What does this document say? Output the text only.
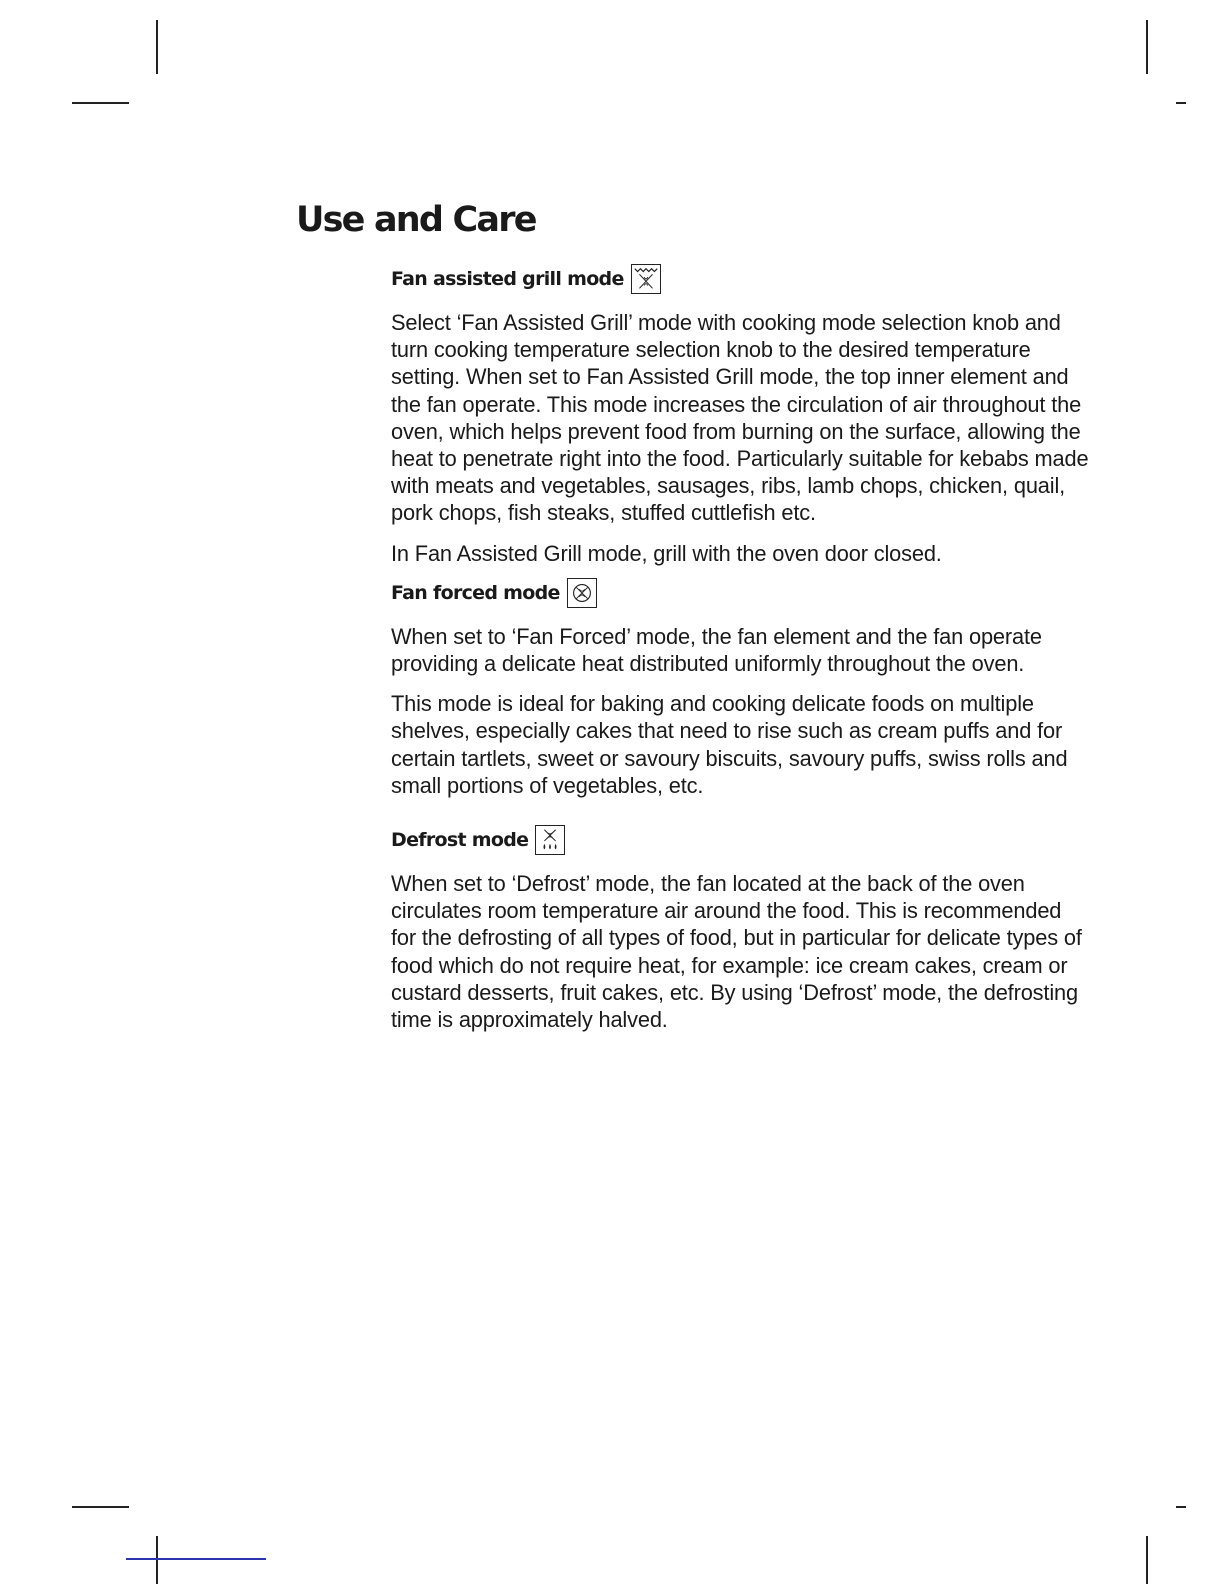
Use and Care
Fan assisted grill mode

Select ‘Fan Assisted Grill’ mode with cooking mode selection knob and turn cooking temperature selection knob to the desired temperature setting. When set to Fan Assisted Grill mode, the top inner element and the fan operate. This mode increases the circulation of air throughout the oven, which helps prevent food from burning on the surface, allowing the heat to penetrate right into the food. Particularly suitable for kebabs made with meats and vegetables, sausages, ribs, lamb chops, chicken, quail, pork chops, fish steaks, stuffed cuttlefish etc.

In Fan Assisted Grill mode, grill with the oven door closed.

Fan forced mode

When set to ‘Fan Forced’ mode, the fan element and the fan operate providing a delicate heat distributed uniformly throughout the oven.

This mode is ideal for baking and cooking delicate foods on multiple shelves, especially cakes that need to rise such as cream puffs and for certain tartlets, sweet or savoury biscuits, savoury puffs, swiss rolls and small portions of vegetables, etc.

Defrost mode

When set to ‘Defrost’ mode, the fan located at the back of the oven circulates room temperature air around the food. This is recommended for the defrosting of all types of food, but in particular for delicate types of food which do not require heat, for example: ice cream cakes, cream or custard desserts, fruit cakes, etc. By using ‘Defrost’ mode, the defrosting time is approximately halved.
